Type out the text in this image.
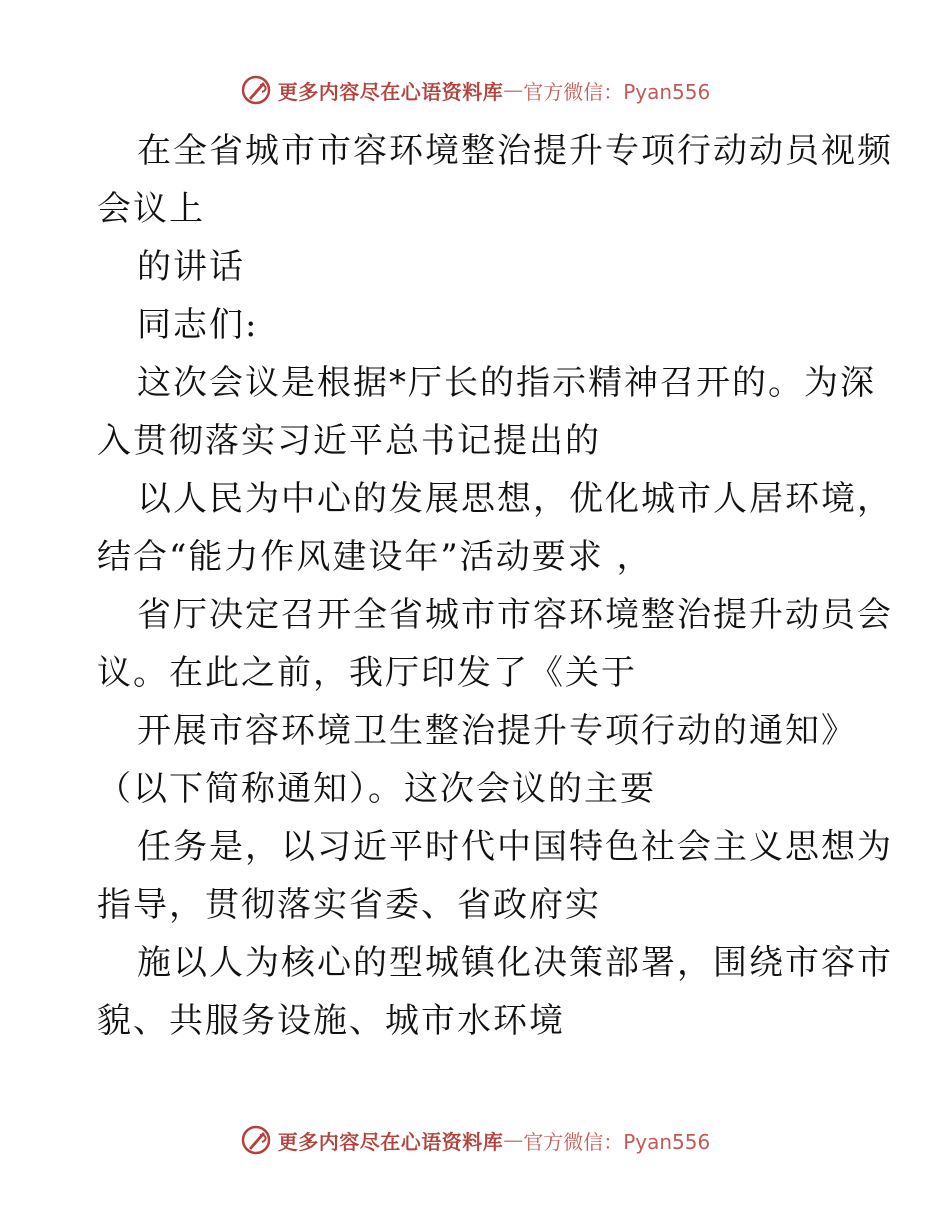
更多内容尽在心语资料库 — 官方微信：Pyan556
在全省城市市容环境整治提升专项行动动员视频
会议上
的讲话
同志们:
这次会议是根据*厅长的指示精神召开的。为深
入贯彻落实习近平总书记提出的
以人民为中心的发展思想，优化城市人居环境，
结合“能力作风建设年”活动要求 ，
省厅决定召开全省城市市容环境整治提升动员会
议。在此之前，我厅印发了《关于
开展市容环境卫生整治提升专项行动的通知》
（以下简称通知）。这次会议的主要
任务是，以习近平时代中国特色社会主义思想为
指导，贯彻落实省委、省政府实
施以人为核心的型城镇化决策部署，围绕市容市
貌、共服务设施、城市水环境
更多内容尽在心语资料库 — 官方微信：Pyan556
